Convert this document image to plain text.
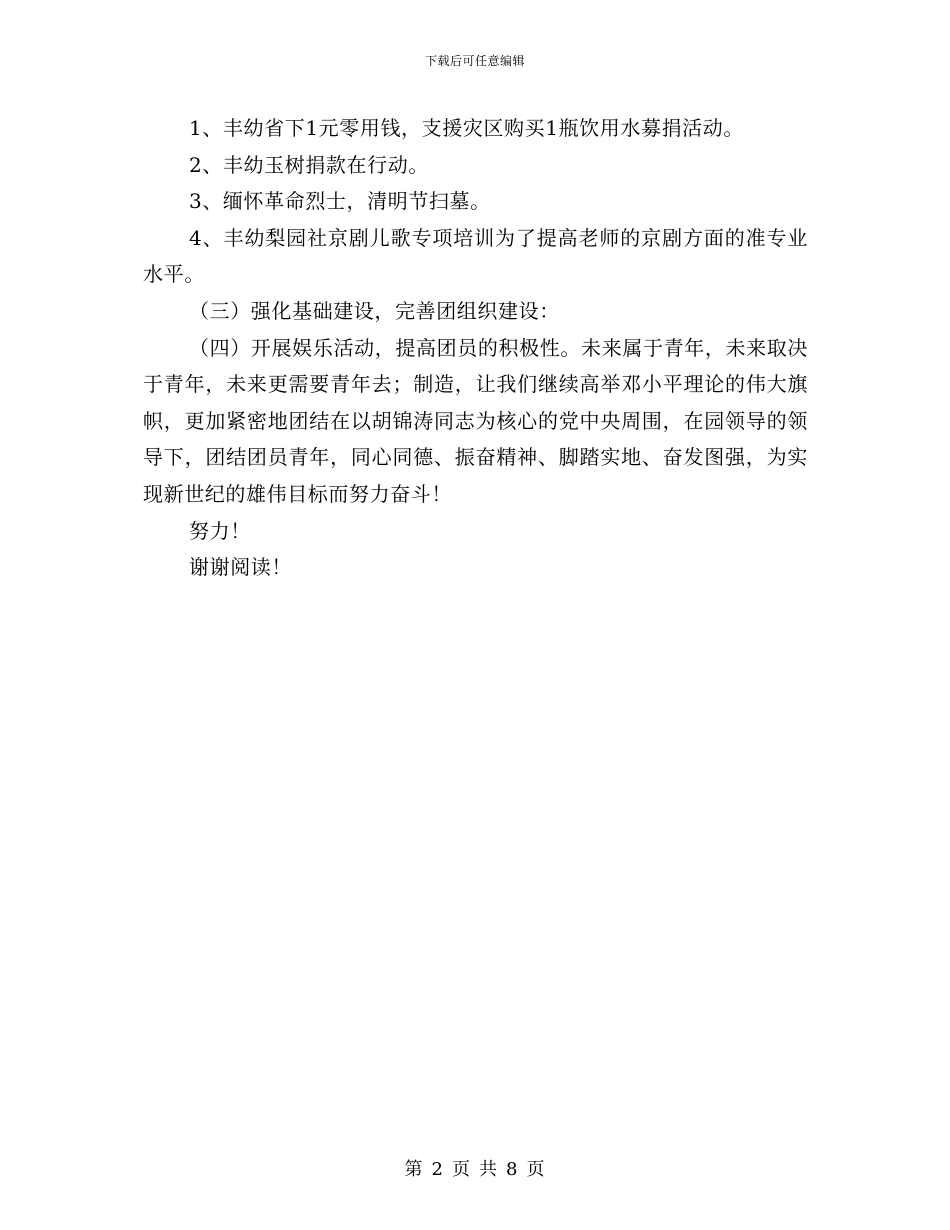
下载后可任意编辑

1、丰幼省下1元零用钱，支援灾区购买1瓶饮用水募捐活动。

2、丰幼玉树捐款在行动。

3、缅怀革命烈士，清明节扫墓。

4、丰幼梨园社京剧儿歌专项培训为了提高老师的京剧方面的准专业水平。

（三）强化基础建设，完善团组织建设：

（四）开展娱乐活动，提高团员的积极性。未来属于青年，未来取决于青年，未来更需要青年去；制造，让我们继续高举邓小平理论的伟大旗帜，更加紧密地团结在以胡锦涛同志为核心的党中央周围，在园领导的领导下，团结团员青年，同心同德、振奋精神、脚踏实地、奋发图强，为实现新世纪的雄伟目标而努力奋斗！

努力！

谢谢阅读！

第 2 页 共 8 页
